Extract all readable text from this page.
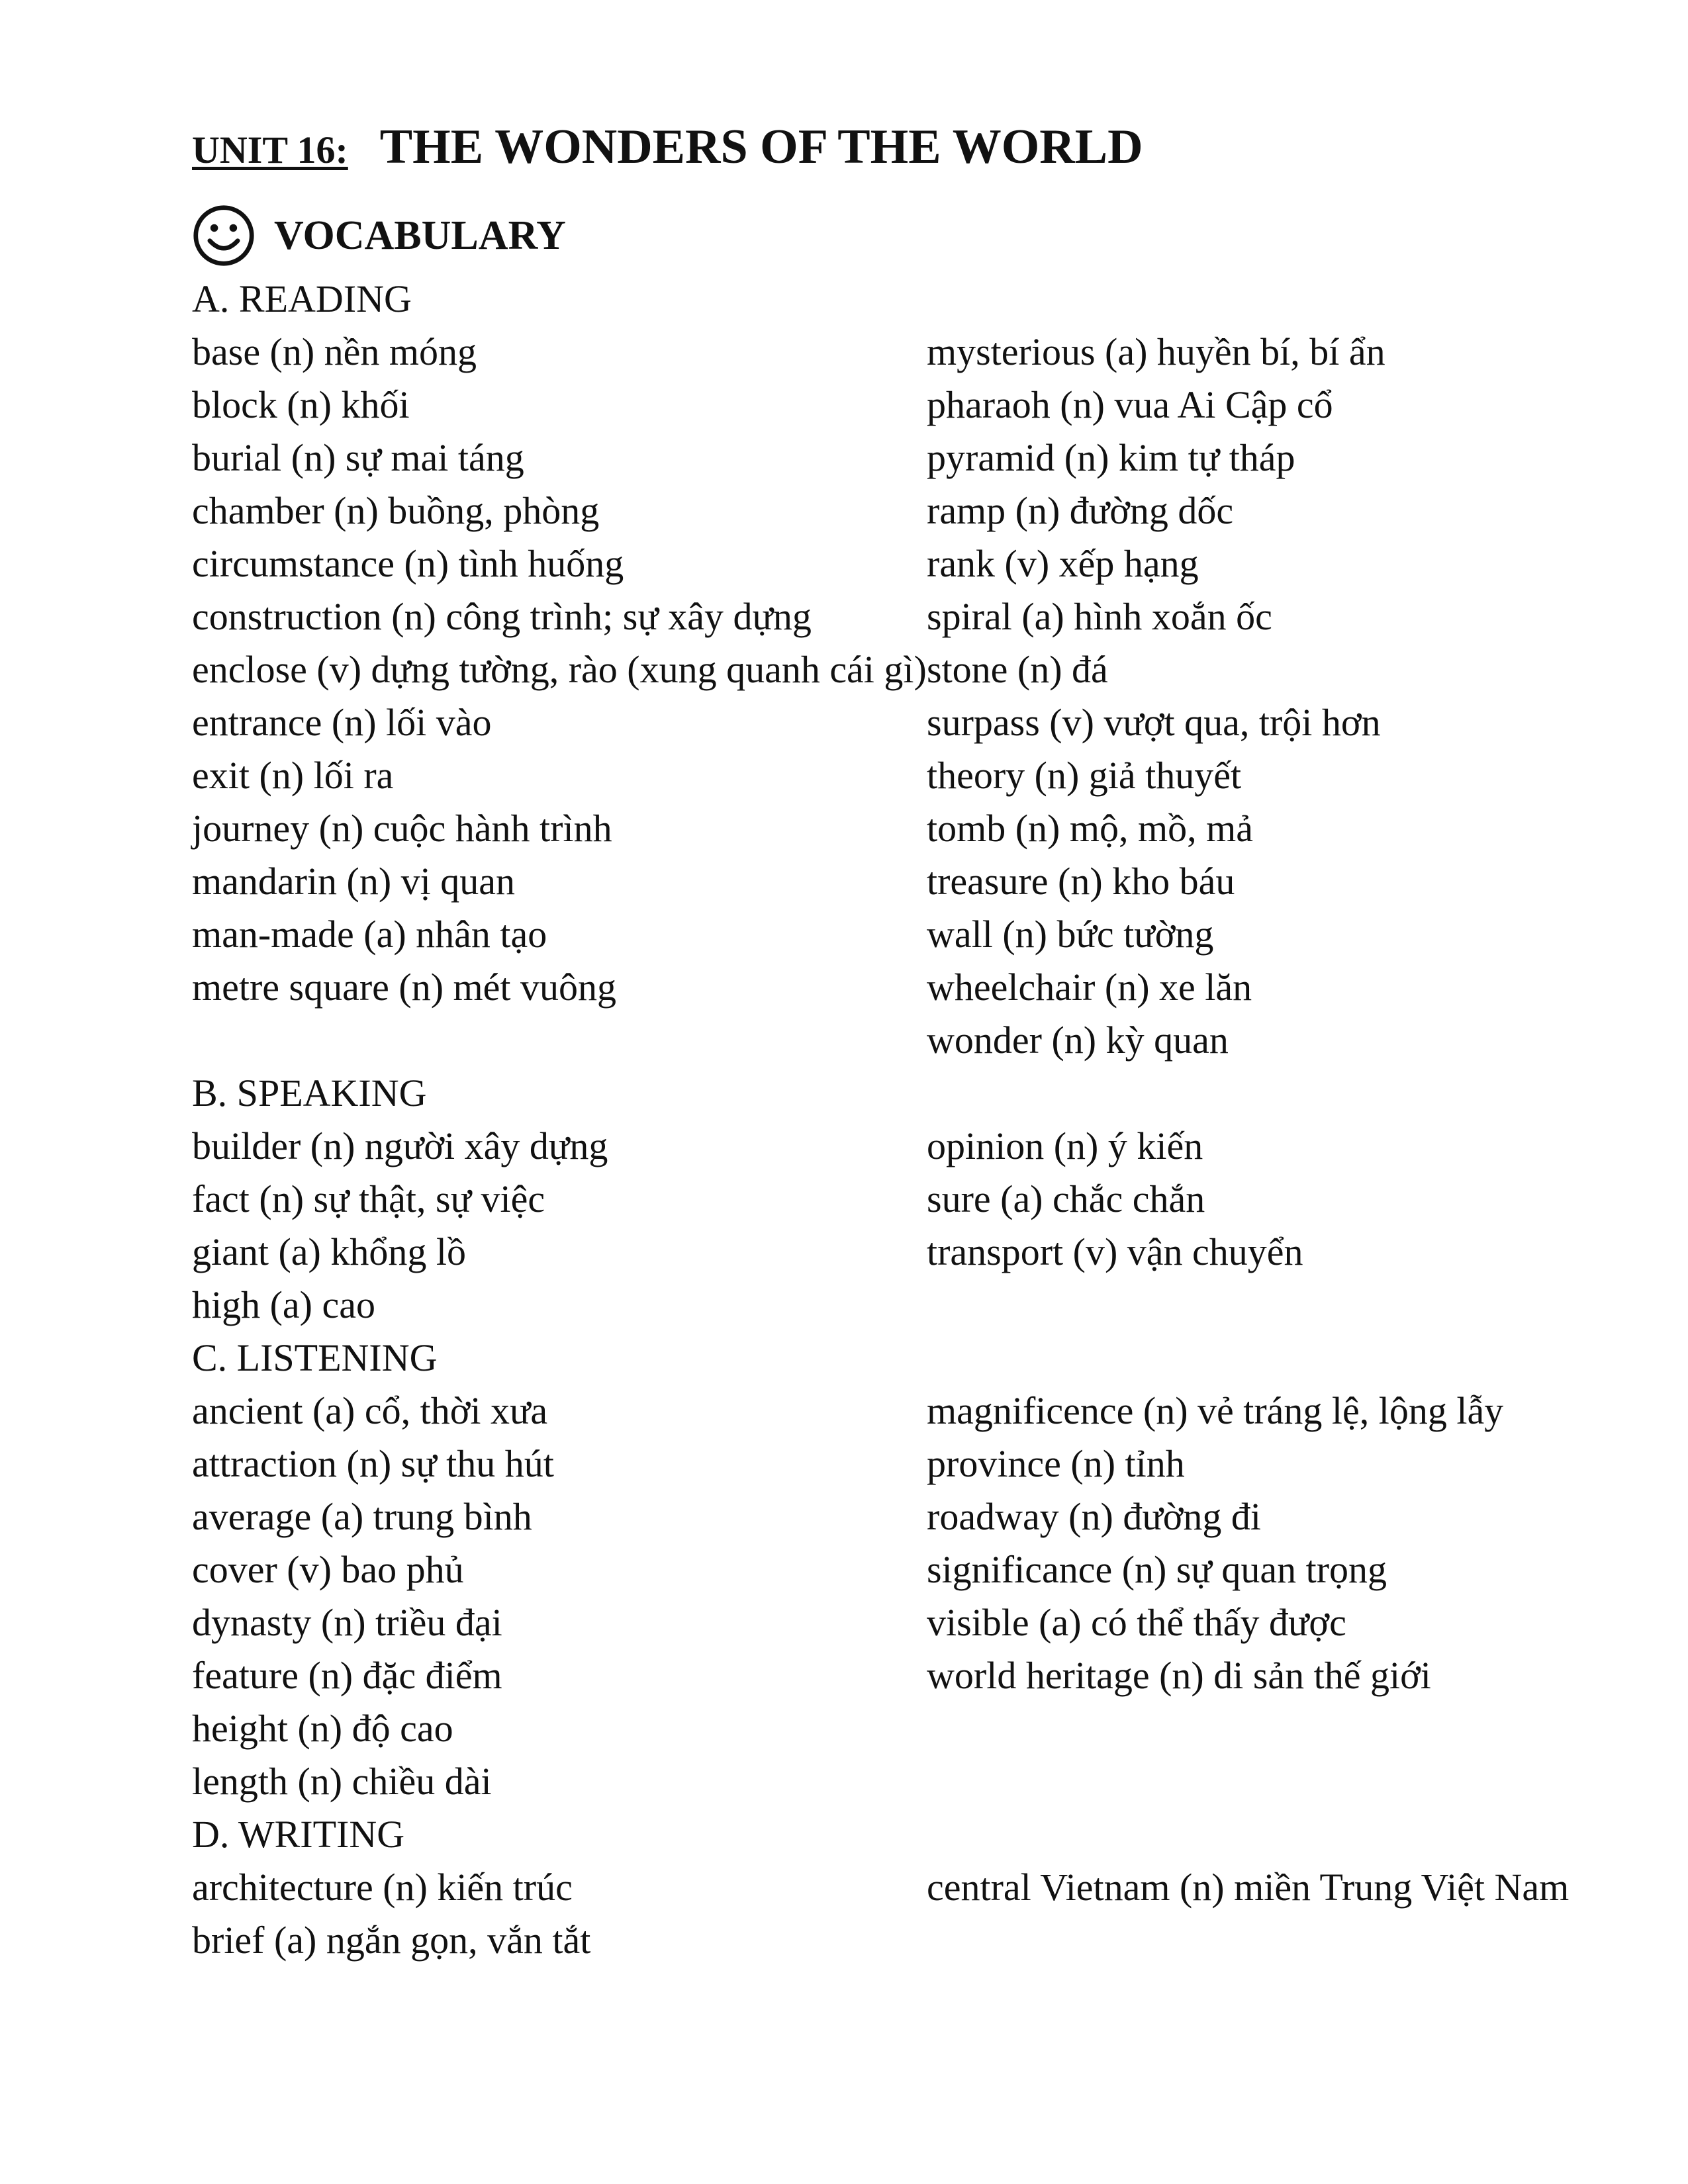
UNIT 16: THE WONDERS OF THE WORLD
VOCABULARY
A. READING
base (n) nền móng
block (n) khối
burial (n) sự mai táng
chamber (n) buồng, phòng
circumstance (n) tình huống
construction (n) công trình; sự xây dựng
enclose (v) dựng tường, rào (xung quanh cái gì)
entrance (n) lối vào
exit (n) lối ra
journey (n) cuộc hành trình
mandarin (n) vị quan
man-made (a) nhân tạo
metre square (n) mét vuông
mysterious (a) huyền bí, bí ẩn
pharaoh (n) vua Ai Cập cổ
pyramid (n) kim tự tháp
ramp (n) đường dốc
rank (v) xếp hạng
spiral (a) hình xoắn ốc
stone (n) đá
surpass (v) vượt qua, trội hơn
theory (n) giả thuyết
tomb (n) mộ, mồ, mả
treasure (n) kho báu
wall (n) bức tường
wheelchair (n) xe lăn
wonder (n) kỳ quan
B. SPEAKING
builder (n) người xây dựng
fact (n) sự thật, sự việc
giant (a) khổng lồ
high (a) cao
opinion (n) ý kiến
sure (a) chắc chắn
transport (v) vận chuyển
C. LISTENING
ancient (a) cổ, thời xưa
attraction (n) sự thu hút
average (a) trung bình
cover (v) bao phủ
dynasty (n) triều đại
feature (n) đặc điểm
height (n) độ cao
length (n) chiều dài
magnificence (n) vẻ tráng lệ, lộng lẫy
province (n) tỉnh
roadway (n) đường đi
significance (n) sự quan trọng
visible (a) có thể thấy được
world heritage (n) di sản thế giới
D. WRITING
architecture (n) kiến trúc
brief (a) ngắn gọn, vắn tắt
central Vietnam (n) miền Trung Việt Nam
